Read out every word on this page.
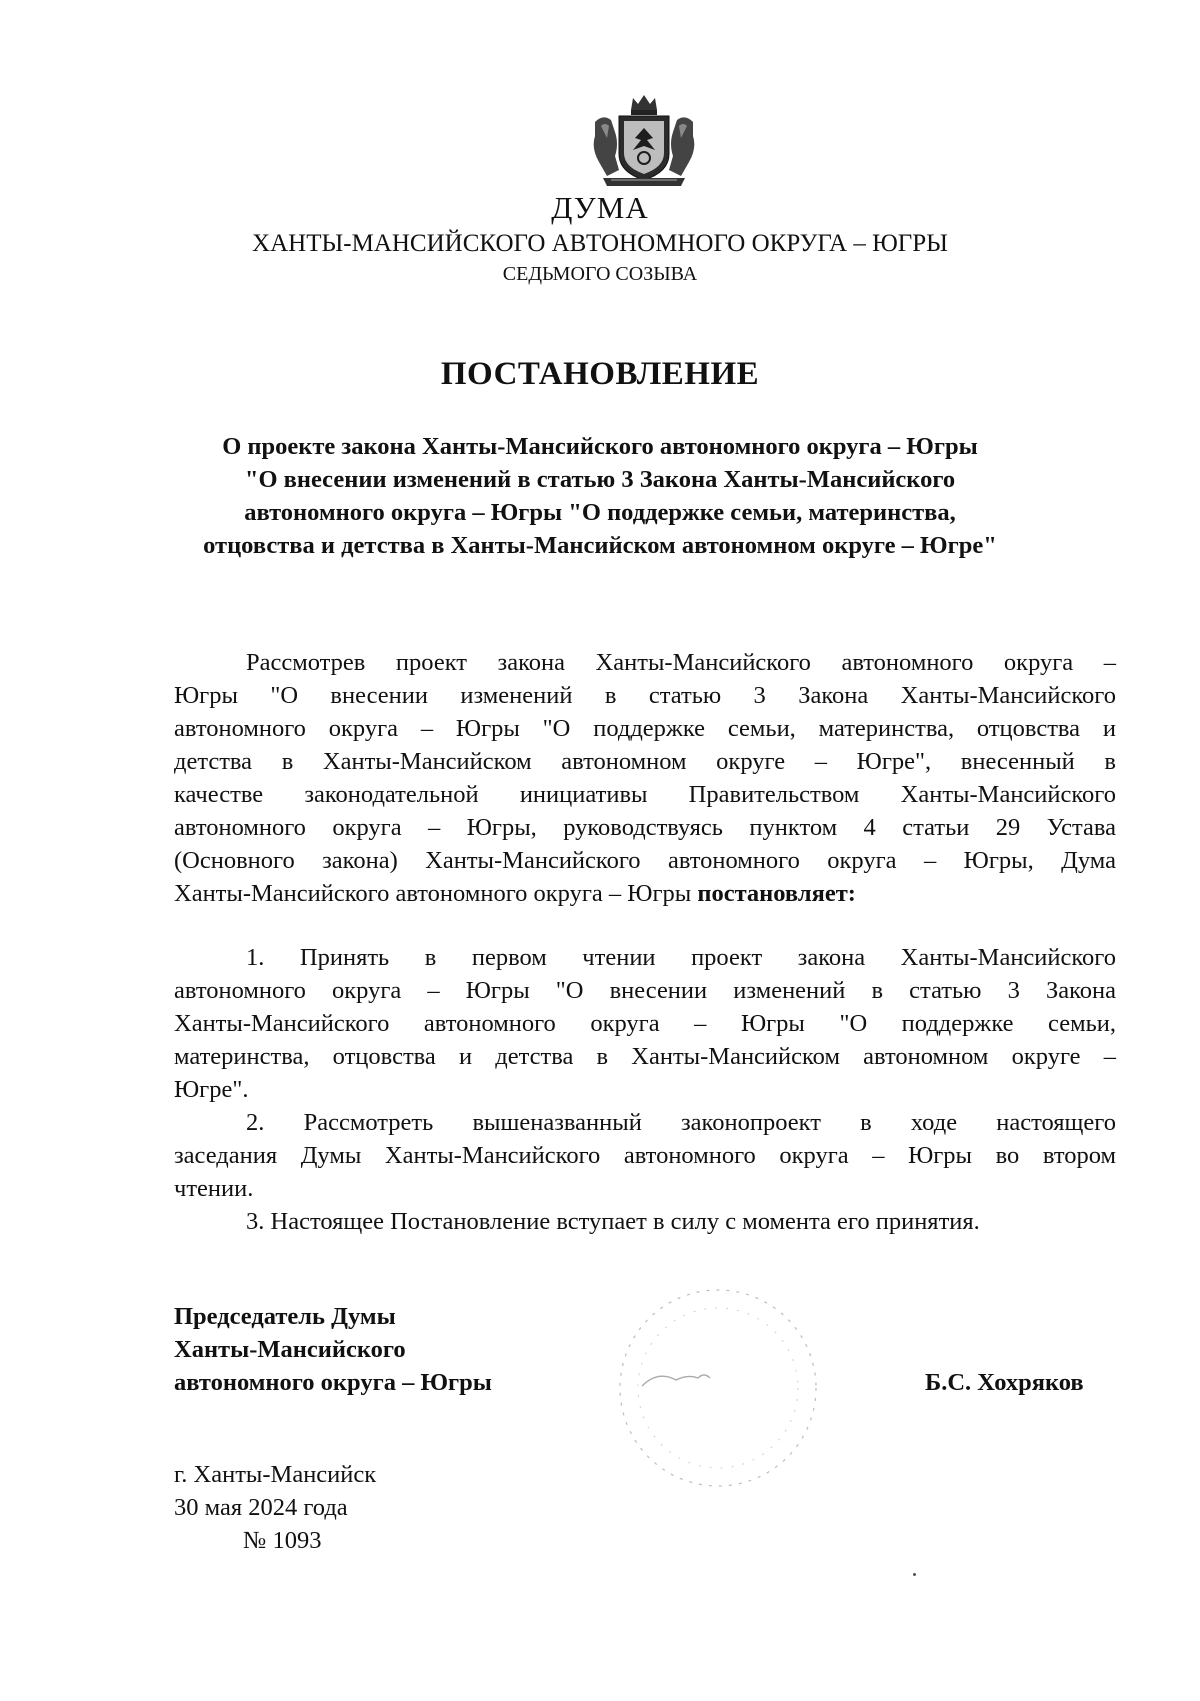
ДУМА
ХАНТЫ-МАНСИЙСКОГО АВТОНОМНОГО ОКРУГА – ЮГРЫ
СЕДЬМОГО СОЗЫВА
ПОСТАНОВЛЕНИЕ
О проекте закона Ханты-Мансийского автономного округа – Югры
"О внесении изменений в статью 3 Закона Ханты-Мансийского
автономного округа – Югры "О поддержке семьи, материнства,
отцовства и детства в Ханты-Мансийском автономном округе – Югре"
Рассмотрев проект закона Ханты-Мансийского автономного округа –
Югры "О внесении изменений в статью 3 Закона Ханты-Мансийского
автономного округа – Югры "О поддержке семьи, материнства, отцовства и
детства в Ханты-Мансийском автономном округе – Югре", внесенный в
качестве законодательной инициативы Правительством Ханты-Мансийского
автономного округа – Югры, руководствуясь пунктом 4 статьи 29 Устава
(Основного закона) Ханты-Мансийского автономного округа – Югры, Дума
Ханты-Мансийского автономного округа – Югры постановляет:
1. Принять в первом чтении проект закона Ханты-Мансийского
автономного округа – Югры "О внесении изменений в статью 3 Закона
Ханты-Мансийского автономного округа – Югры "О поддержке семьи,
материнства, отцовства и детства в Ханты-Мансийском автономном округе –
Югре".
2. Рассмотреть вышеназванный законопроект в ходе настоящего
заседания Думы Ханты-Мансийского автономного округа – Югры во втором
чтении.
3. Настоящее Постановление вступает в силу с момента его принятия.
Председатель Думы
Ханты-Мансийского
автономного округа – Югры	Б.С. Хохряков
г. Ханты-Мансийск
30 мая 2024 года
№ 1093
